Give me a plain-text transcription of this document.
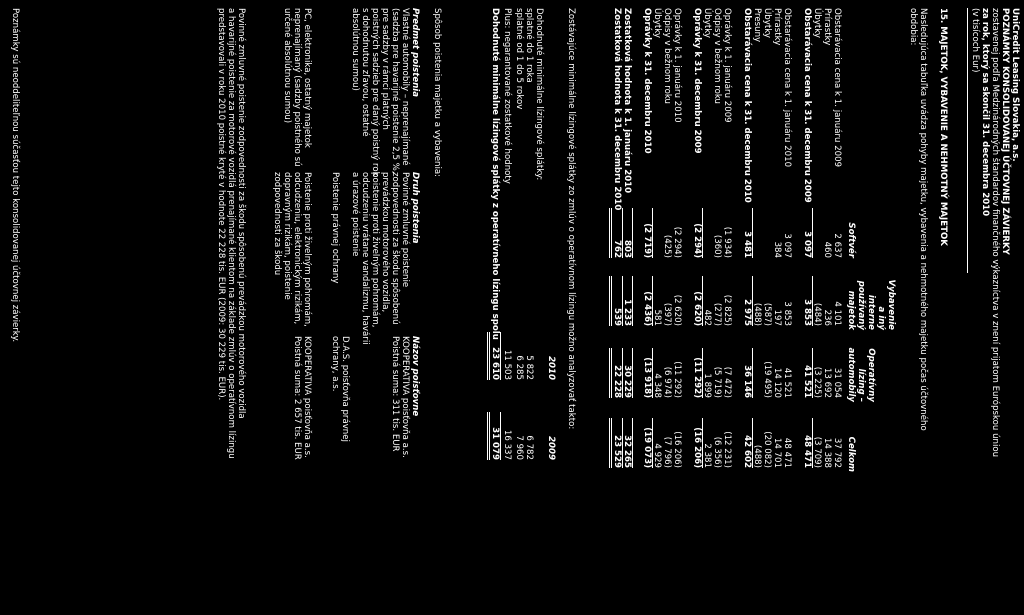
UniCredit Leasing Slovakia, a.s.
POZNÁMKY KONSOLIDOVANEJ ÚČTOVNEJ ZÁVIERKY
zostavenej podľa Medzinárodných štandardov finančného výkazníctva v znení prijatom Európskou úniou
za rok, ktorý sa skončil 31. decembra 2010
(v tisícoch Eur)
15. MAJETOK, VYBAVENIE A NEHMOTNÝ MAJETOK
Nasledujúca tabuľka uvádza pohyby majetku, vybavenia a nehmotného majetku počas účtovného
obdobia:
Softvér
Vybavenie
a iný
interne
používaný
majetok
Operatívny
lízing –
automobily
Celkom
Obstarávacia cena k 1. januáru 2009
2 637
4 101
31 054
37 792
Prírastky
460
236
13 692
14 388
Úbytky
(484)
(3 225)
(3 709)
Obstarávacia cena k 31. decembru 2009
3 097
3 853
41 521
48 471
Obstarávacia cena k 1. januáru 2010
3 097
3 853
41 521
48 471
Prírastky
384
197
14 120
14 701
Úbytky
(587)
(19 495)
(20 082)
Presuny
(488)
(488)
Obstarávacia cena k 31. decembru 2010
3 481
2 975
36 146
42 602
Oprávky k 1. januáru 2009
(1 934)
(2 825)
(7 472)
(12 231)
Odpisy v bežnom roku
(360)
(277)
(5 719)
(6 356)
Úbytky
482
1 899
2 381
Oprávky k 31. decembru 2009
(2 294)
(2 620)
(11 292)
(16 206)
Oprávky k 1. januáru 2010
(2 294)
(2 620)
(11 292)
(16 206)
Odpisy v bežnom roku
(425)
(397)
(6 974)
(7 796)
Úbytky
581
4 348
4 929
Oprávky k 31. decembru 2010
(2 719)
(2 436)
(13 918)
(19 073)
Zostatková hodnota k 1. januáru 2010
803
1 233
30 229
32 265
Zostatková hodnota k 31. decembru 2010
762
539
22 228
23 529
Zostávajúce minimálne lízingové splátky zo zmlúv o operatívnom lízingu možno analyzovať takto:
2010
2009
Dohodnuté minimálne lízingové splátky:
splatné do 1 roka
5 822
6 782
splatné od 1 do 5 rokov
6 285
7 960
Plus: negarantované zostatkové hodnoty
11 503
16 337
Dohodnuté minimálne lízingové splátky z operatívneho lízingu spolu
23 610
31 079
Spôsob poistenia majetku a vybavenia:
Predmet poistenia
Druh poistenia
Názov poisťovne
Vlastné automobily – neprenajímané
(sadzba pre havarijné poistenie 2,5 %,
pre sadzby v rámci platných
poistných sadzieb pre daný poistný rok
s dohodnutou zľavou, ostatné
absolútnou sumou)
Povinné zmluvné poistenie
zodpovednosti za škodu spôsobenú
prevádzkou motorového vozidla,
poistenie proti živelným pohromám,
odcudzeniu vrátane vandalizmu, havárii
a úrazové poistenie
Poistenie právnej ochrany
KOOPERATIVA poisťovňa a.s.
Poistná suma: 311 tis. EUR
D.A.S. poisťovňa právnej
ochrany, a.s.
PC, elektronika, ostatný majetok
neprenajímaný (sadzby poistného sú
určené absolútnou sumou)
Poistenie proti živelným pohromám,
odcudzeniu, elektronickým rizikám,
dopravným rizikám, poistenie
zodpovednosti za škodu
KOOPERATIVA poisťovňa a.s.
Poistná suma: 2 657 tis. EUR
Povinné zmluvné poistenie zodpovednosti za škodu spôsobenú prevádzkou motorového vozidla
a havarijné poistenie za motorové vozidlá prenajímané klientom na základe zmlúv o operatívnom lízingu
predstavovali v roku 2010 poistné kryté v hodnote 22 228 tis. EUR (2009: 30 229 tis. EUR).
Poznámky sú neoddeliteľnou súčasťou tejto konsolidovanej účtovnej závierky.
